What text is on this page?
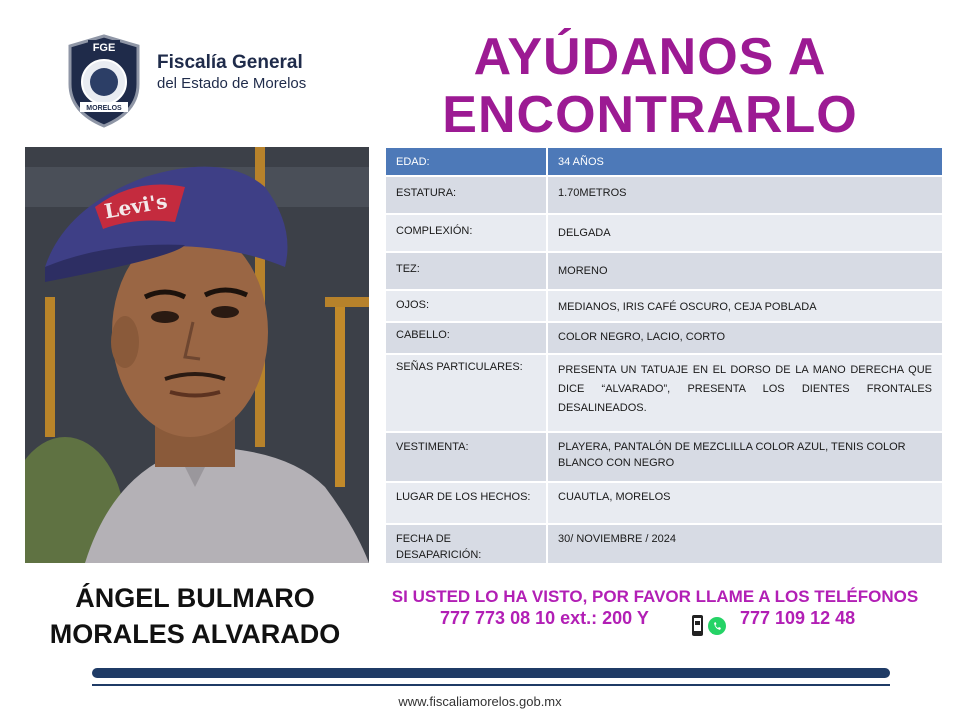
FGE
MORELOS
Fiscalía General
del Estado de Morelos	AYÚDANOS A
ENCONTRARLO
Levi's
ÁNGEL BULMARO
MORALES ALVARADO
EDAD:	34 AÑOS
ESTATURA:	1.70METROS
COMPLEXIÓN:	DELGADA
TEZ:	MORENO
OJOS:	MEDIANOS, IRIS CAFÉ OSCURO, CEJA POBLADA
CABELLO:	COLOR NEGRO, LACIO, CORTO
SEÑAS PARTICULARES:	PRESENTA UN TATUAJE EN EL DORSO DE LA MANO DERECHA QUE DICE “ALVARADO”, PRESENTA LOS DIENTES FRONTALES DESALINEADOS.
VESTIMENTA:	PLAYERA, PANTALÓN DE MEZCLILLA COLOR AZUL, TENIS COLOR BLANCO CON NEGRO
LUGAR DE LOS HECHOS:	CUAUTLA, MORELOS
FECHA DE DESAPARICIÓN:	30/ NOVIEMBRE / 2024
SI USTED LO HA VISTO, POR FAVOR LLAME A LOS TELÉFONOS
777 773 08 10 ext.: 200 Y	777 109 12 48
www.fiscaliamorelos.gob.mx
